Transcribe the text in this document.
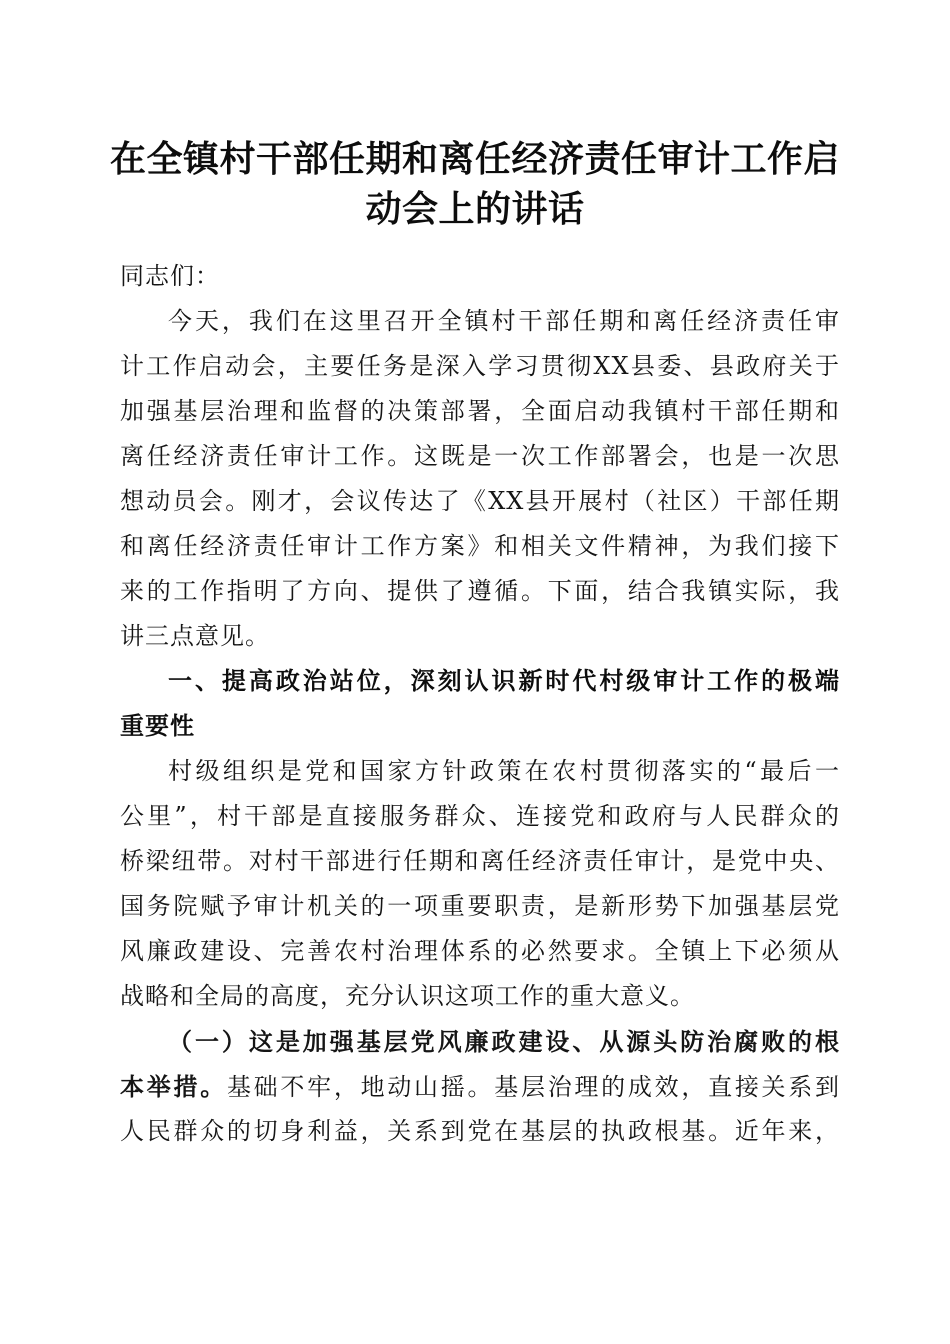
在全镇村干部任期和离任经济责任审计工作启
动会上的讲话

同志们：

今天，我们在这里召开全镇村干部任期和离任经济责任审
计工作启动会，主要任务是深入学习贯彻XX县委、县政府关于
加强基层治理和监督的决策部署，全面启动我镇村干部任期和
离任经济责任审计工作。这既是一次工作部署会，也是一次思
想动员会。刚才，会议传达了《XX县开展村（社区）干部任期
和离任经济责任审计工作方案》和相关文件精神，为我们接下
来的工作指明了方向、提供了遵循。下面，结合我镇实际，我
讲三点意见。

一、提高政治站位，深刻认识新时代村级审计工作的极端
重要性

村级组织是党和国家方针政策在农村贯彻落实的“最后一
公里”，村干部是直接服务群众、连接党和政府与人民群众的
桥梁纽带。对村干部进行任期和离任经济责任审计，是党中央、
国务院赋予审计机关的一项重要职责，是新形势下加强基层党
风廉政建设、完善农村治理体系的必然要求。全镇上下必须从
战略和全局的高度，充分认识这项工作的重大意义。

（一）这是加强基层党风廉政建设、从源头防治腐败的根
本举措。基础不牢，地动山摇。基层治理的成效，直接关系到
人民群众的切身利益，关系到党在基层的执政根基。近年来，
